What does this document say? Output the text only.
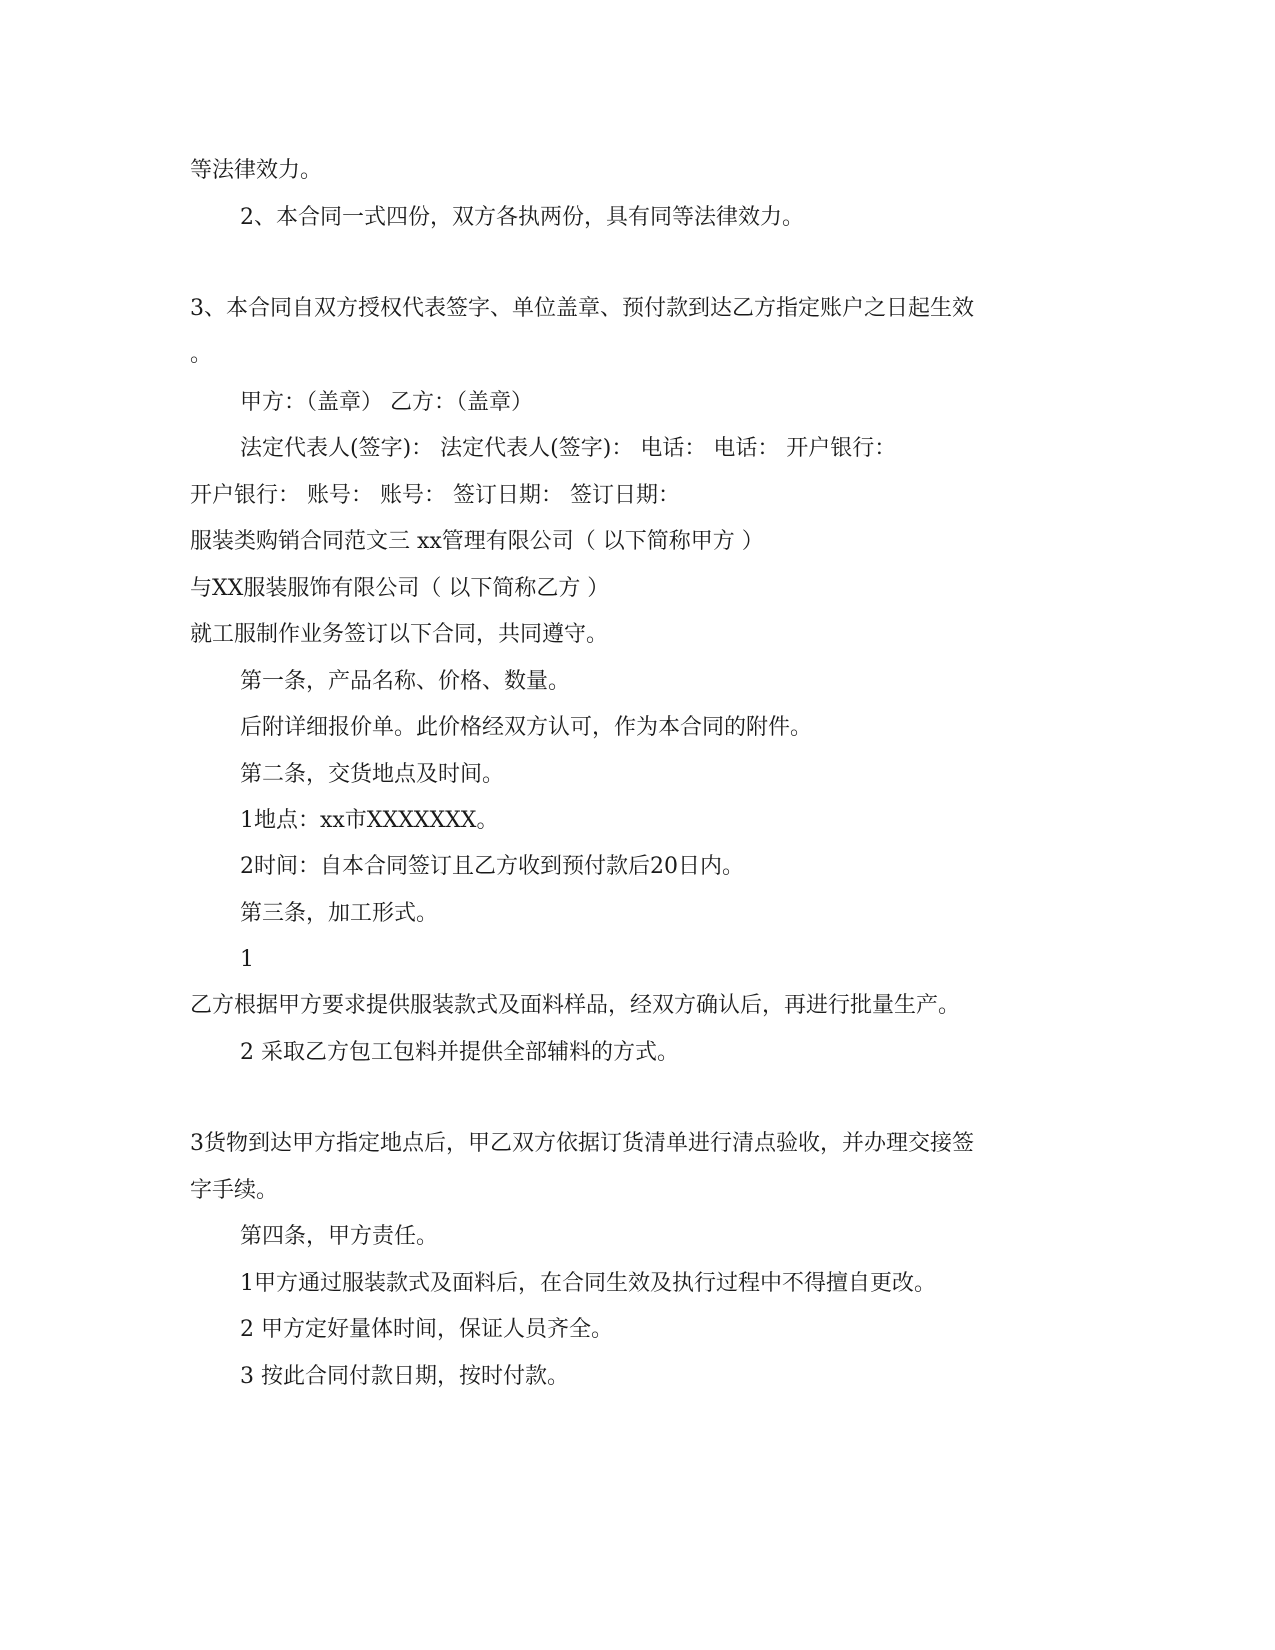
等法律效力。
2、本合同一式四份，双方各执两份，具有同等法律效力。
3、本合同自双方授权代表签字、单位盖章、预付款到达乙方指定账户之日起生效
。
甲方：（盖章） 乙方：（盖章）
法定代表人(签字)： 法定代表人(签字)： 电话： 电话： 开户银行：
开户银行： 账号： 账号： 签订日期： 签订日期：
服装类购销合同范文三 xx管理有限公司（ 以下简称甲方 ）
与XX服装服饰有限公司（ 以下简称乙方 ）
就工服制作业务签订以下合同，共同遵守。
第一条，产品名称、价格、数量。
后附详细报价单。此价格经双方认可，作为本合同的附件。
第二条，交货地点及时间。
1地点：xx市XXXXXXX。
2时间：自本合同签订且乙方收到预付款后20日内。
第三条，加工形式。
1
乙方根据甲方要求提供服装款式及面料样品，经双方确认后，再进行批量生产。
2 采取乙方包工包料并提供全部辅料的方式。
3货物到达甲方指定地点后，甲乙双方依据订货清单进行清点验收，并办理交接签
字手续。
第四条，甲方责任。
1甲方通过服装款式及面料后，在合同生效及执行过程中不得擅自更改。
2 甲方定好量体时间，保证人员齐全。
3 按此合同付款日期，按时付款。
